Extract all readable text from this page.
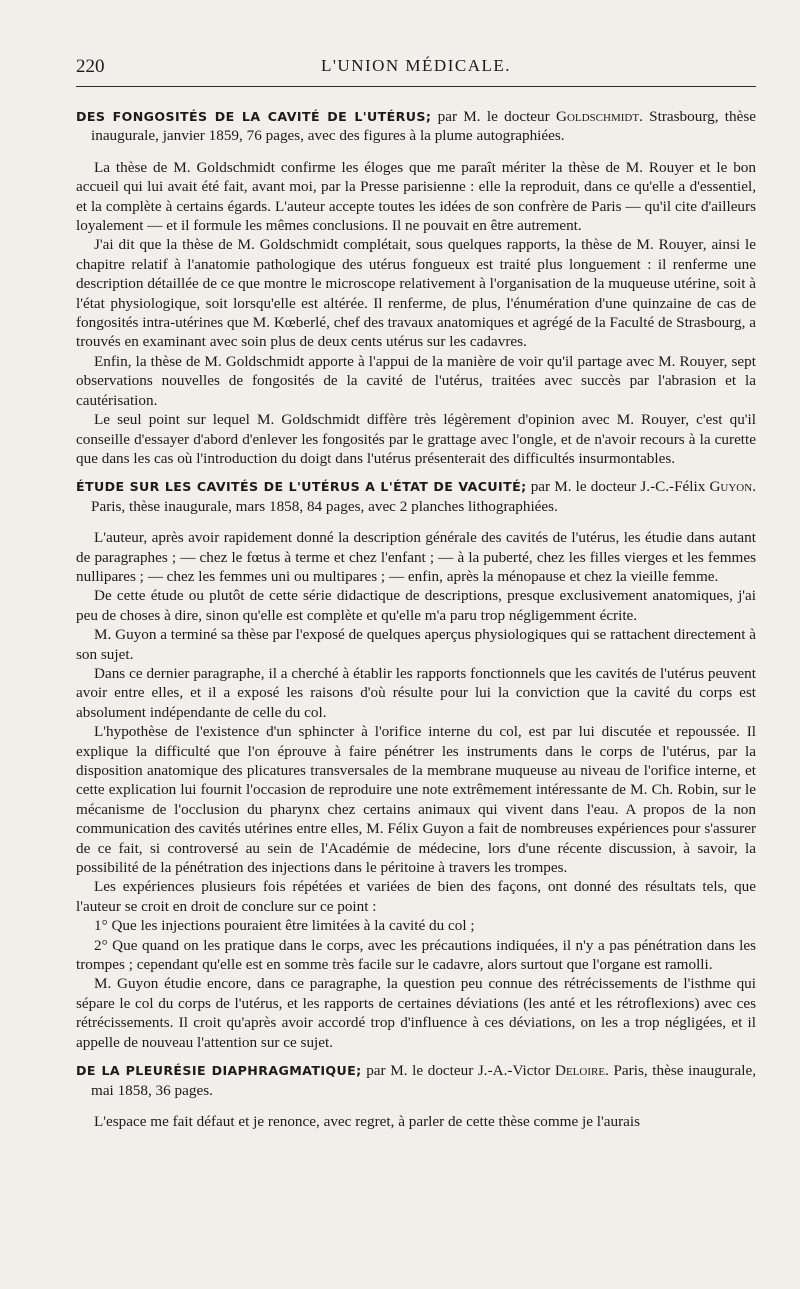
220	L'UNION MÉDICALE.

DES FONGOSITÉS DE LA CAVITÉ DE L'UTÉRUS; par M. le docteur Goldschmidt. Strasbourg, thèse inaugurale, janvier 1859, 76 pages, avec des figures à la plume autographiées.

La thèse de M. Goldschmidt confirme les éloges que me paraît mériter la thèse de M. Rouyer et le bon accueil qui lui avait été fait, avant moi, par la Presse parisienne : elle la reproduit, dans ce qu'elle a d'essentiel, et la complète à certains égards. L'auteur accepte toutes les idées de son confrère de Paris — qu'il cite d'ailleurs loyalement — et il formule les mêmes conclusions. Il ne pouvait en être autrement.

J'ai dit que la thèse de M. Goldschmidt complétait, sous quelques rapports, la thèse de M. Rouyer, ainsi le chapitre relatif à l'anatomie pathologique des utérus fongueux est traité plus longuement : il renferme une description détaillée de ce que montre le microscope relativement à l'organisation de la muqueuse utérine, soit à l'état physiologique, soit lorsqu'elle est altérée. Il renferme, de plus, l'énumération d'une quinzaine de cas de fongosités intra-utérines que M. Kœberlé, chef des travaux anatomiques et agrégé de la Faculté de Strasbourg, a trouvés en examinant avec soin plus de deux cents utérus sur les cadavres.

Enfin, la thèse de M. Goldschmidt apporte à l'appui de la manière de voir qu'il partage avec M. Rouyer, sept observations nouvelles de fongosités de la cavité de l'utérus, traitées avec succès par l'abrasion et la cautérisation.

Le seul point sur lequel M. Goldschmidt diffère très légèrement d'opinion avec M. Rouyer, c'est qu'il conseille d'essayer d'abord d'enlever les fongosités par le grattage avec l'ongle, et de n'avoir recours à la curette que dans les cas où l'introduction du doigt dans l'utérus présenterait des difficultés insurmontables.

ÉTUDE SUR LES CAVITÉS DE L'UTÉRUS A L'ÉTAT DE VACUITÉ; par M. le docteur J.-C.-Félix Guyon. Paris, thèse inaugurale, mars 1858, 84 pages, avec 2 planches lithographiées.

L'auteur, après avoir rapidement donné la description générale des cavités de l'utérus, les étudie dans autant de paragraphes ; — chez le fœtus à terme et chez l'enfant ; — à la puberté, chez les filles vierges et les femmes nullipares ; — chez les femmes uni ou multipares ; — enfin, après la ménopause et chez la vieille femme.

De cette étude ou plutôt de cette série didactique de descriptions, presque exclusivement anatomiques, j'ai peu de choses à dire, sinon qu'elle est complète et qu'elle m'a paru trop négligemment écrite.

M. Guyon a terminé sa thèse par l'exposé de quelques aperçus physiologiques qui se rattachent directement à son sujet.

Dans ce dernier paragraphe, il a cherché à établir les rapports fonctionnels que les cavités de l'utérus peuvent avoir entre elles, et il a exposé les raisons d'où résulte pour lui la conviction que la cavité du corps est absolument indépendante de celle du col.

L'hypothèse de l'existence d'un sphincter à l'orifice interne du col, est par lui discutée et repoussée. Il explique la difficulté que l'on éprouve à faire pénétrer les instruments dans le corps de l'utérus, par la disposition anatomique des plicatures transversales de la membrane muqueuse au niveau de l'orifice interne, et cette explication lui fournit l'occasion de reproduire une note extrêmement intéressante de M. Ch. Robin, sur le mécanisme de l'occlusion du pharynx chez certains animaux qui vivent dans l'eau. A propos de la non communication des cavités utérines entre elles, M. Félix Guyon a fait de nombreuses expériences pour s'assurer de ce fait, si controversé au sein de l'Académie de médecine, lors d'une récente discussion, à savoir, la possibilité de la pénétration des injections dans le péritoine à travers les trompes.

Les expériences plusieurs fois répétées et variées de bien des façons, ont donné des résultats tels, que l'auteur se croit en droit de conclure sur ce point :

1° Que les injections pouraient être limitées à la cavité du col ;

2° Que quand on les pratique dans le corps, avec les précautions indiquées, il n'y a pas pénétration dans les trompes ; cependant qu'elle est en somme très facile sur le cadavre, alors surtout que l'organe est ramolli.

M. Guyon étudie encore, dans ce paragraphe, la question peu connue des rétrécissements de l'isthme qui sépare le col du corps de l'utérus, et les rapports de certaines déviations (les anté et les rétroflexions) avec ces rétrécissements. Il croit qu'après avoir accordé trop d'influence à ces déviations, on les a trop négligées, et il appelle de nouveau l'attention sur ce sujet.

DE LA PLEURÉSIE DIAPHRAGMATIQUE; par M. le docteur J.-A.-Victor Deloire. Paris, thèse inaugurale, mai 1858, 36 pages.

L'espace me fait défaut et je renonce, avec regret, à parler de cette thèse comme je l'aurais
